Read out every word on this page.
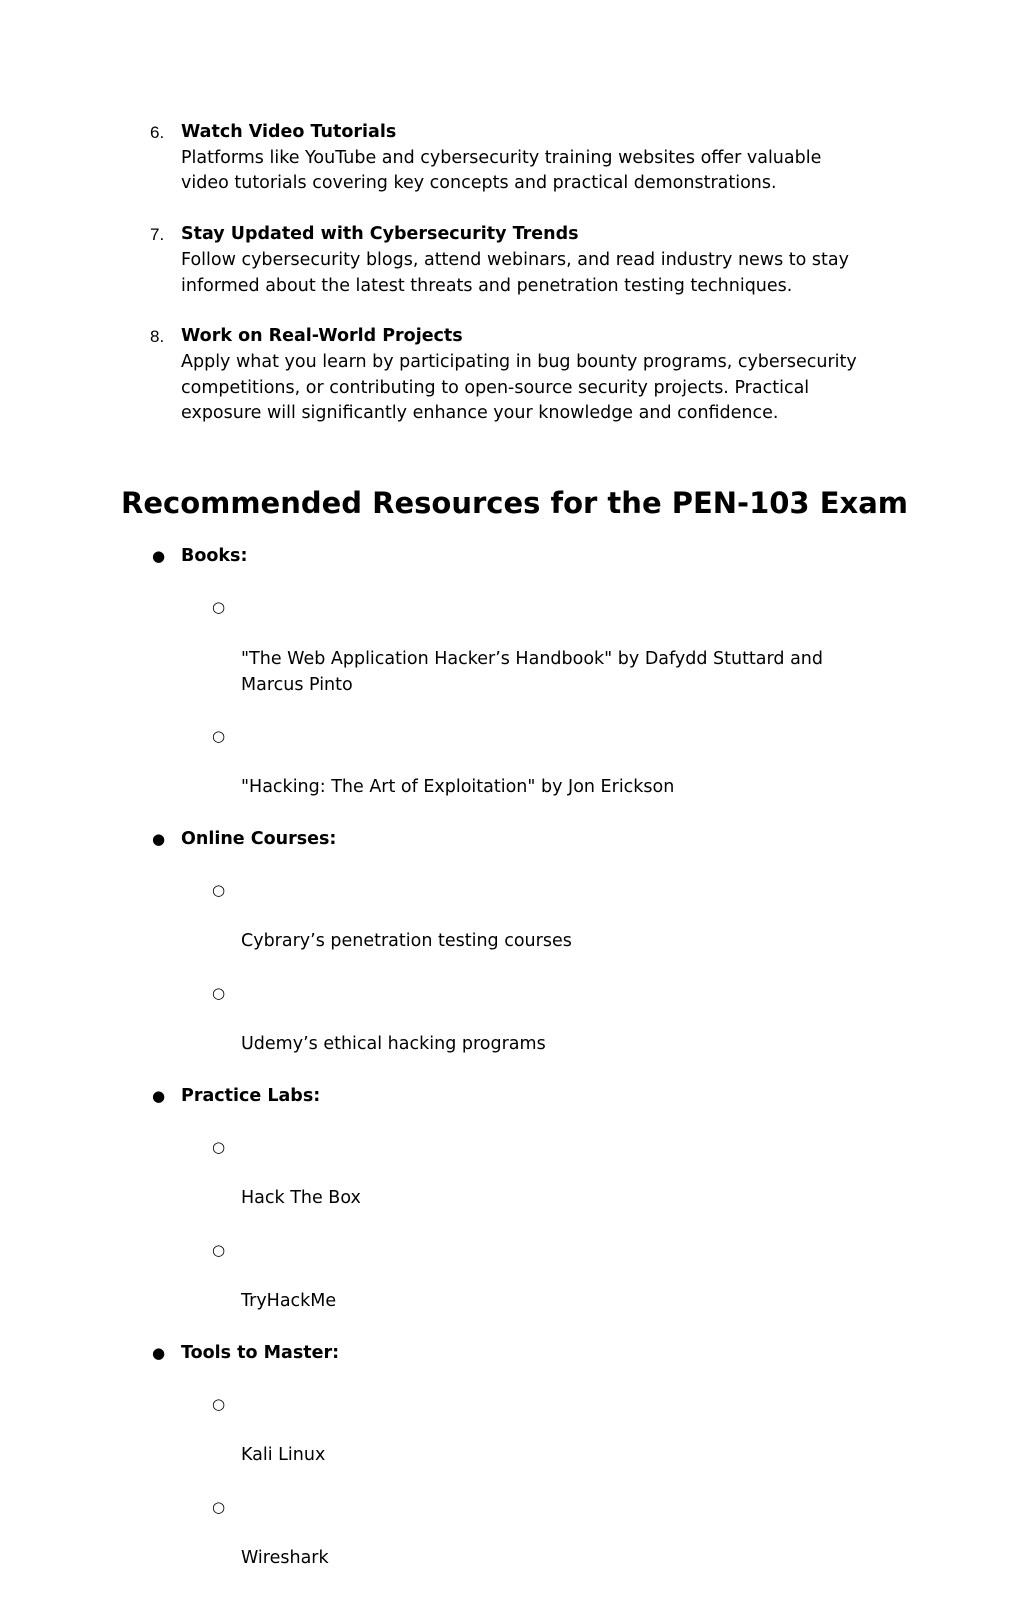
6. Watch Video Tutorials
Platforms like YouTube and cybersecurity training websites offer valuable
video tutorials covering key concepts and practical demonstrations.
7. Stay Updated with Cybersecurity Trends
Follow cybersecurity blogs, attend webinars, and read industry news to stay
informed about the latest threats and penetration testing techniques.
8. Work on Real-World Projects
Apply what you learn by participating in bug bounty programs, cybersecurity
competitions, or contributing to open-source security projects. Practical
exposure will significantly enhance your knowledge and confidence.
Recommended Resources for the PEN-103 Exam
● Books:

○

"The Web Application Hacker’s Handbook" by Dafydd Stuttard and
Marcus Pinto

○

"Hacking: The Art of Exploitation" by Jon Erickson

● Online Courses:

○

Cybrary’s penetration testing courses

○

Udemy’s ethical hacking programs

● Practice Labs:

○

Hack The Box

○

TryHackMe

● Tools to Master:

○

Kali Linux

○

Wireshark
